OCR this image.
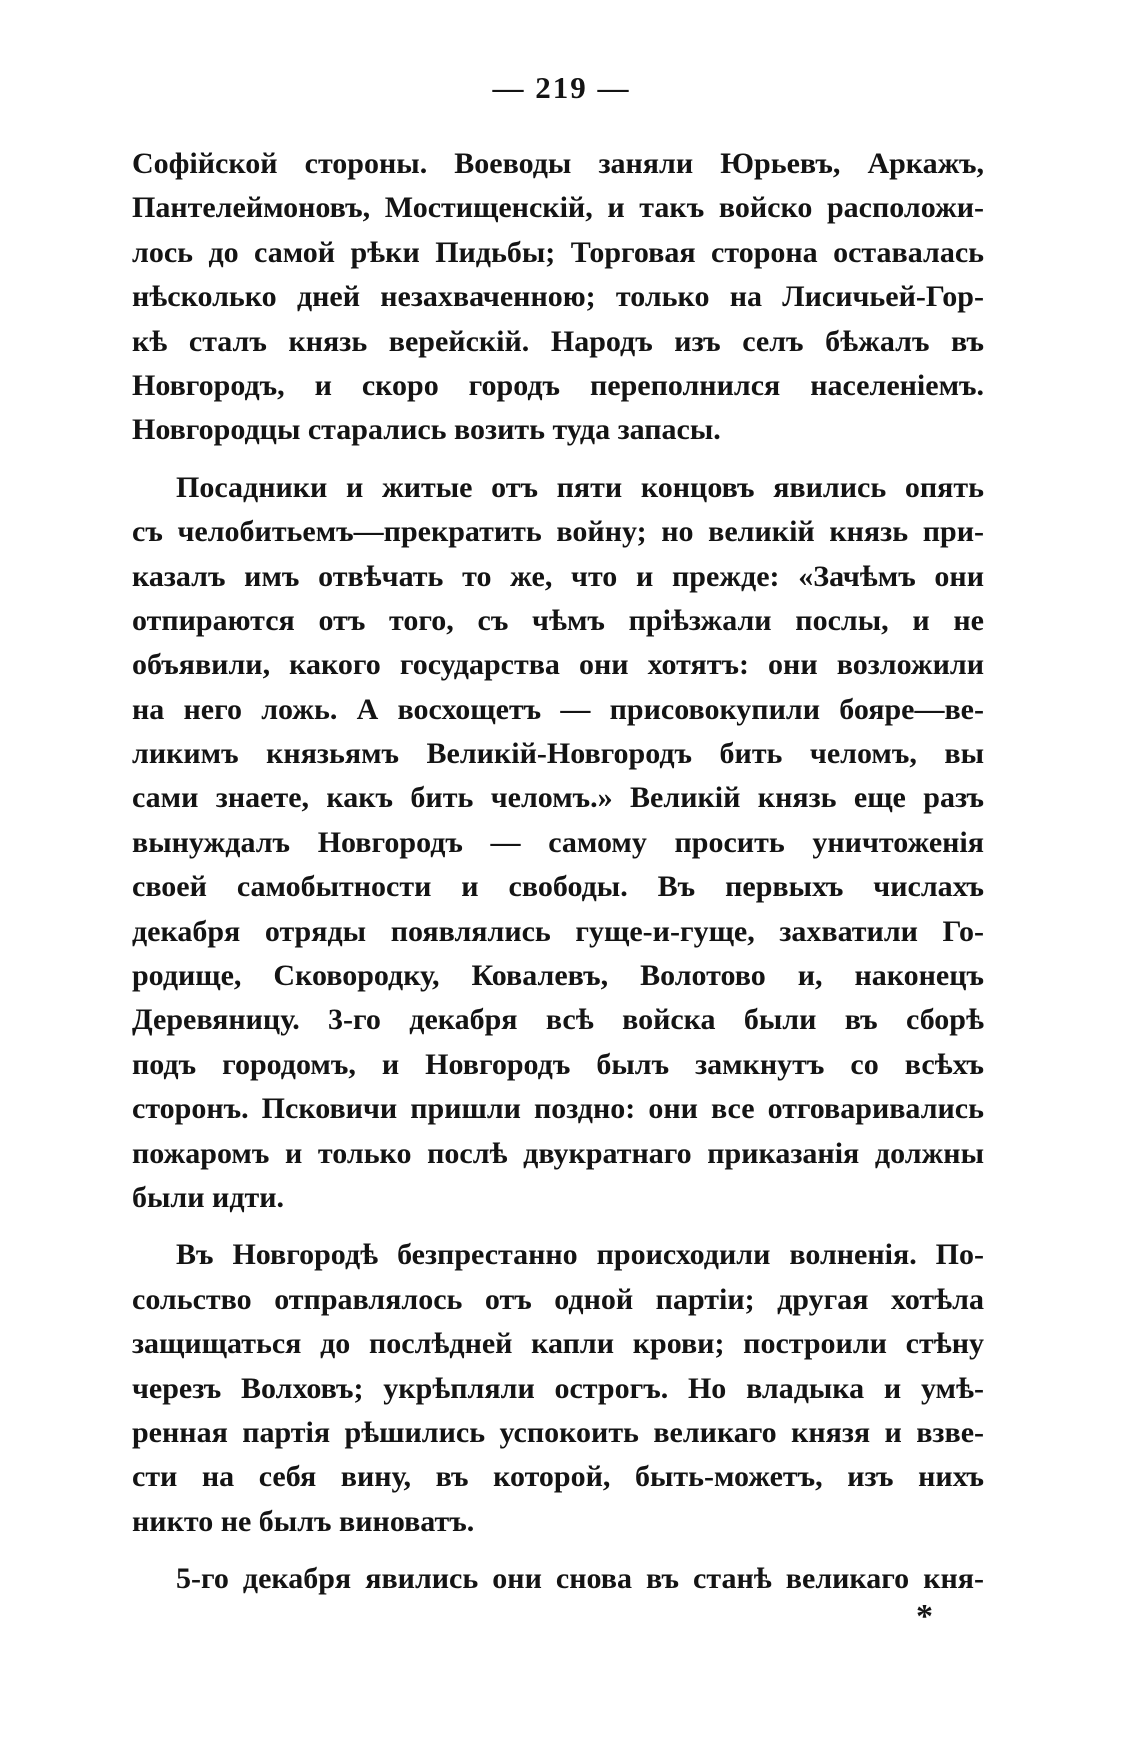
— 219 —
Софійской стороны. Воеводы заняли Юрьевъ, Аркажъ,
Пантелеймоновъ, Мостищенскій, и такъ войско расположи-
лось до самой рѣки Пидьбы; Торговая сторона оставалась
нѣсколько дней незахваченною; только на Лисичьей-Гор-
кѣ сталъ князь верейскій. Народъ изъ селъ бѣжалъ въ
Новгородъ, и скоро городъ переполнился населеніемъ.
Новгородцы старались возить туда запасы.
Посадники и житые отъ пяти концовъ явились опять
съ челобитьемъ—прекратить войну; но великій князь при-
казалъ имъ отвѣчать то же, что и прежде: «Зачѣмъ они
отпираются отъ того, съ чѣмъ пріѣзжали послы, и не
объявили, какого государства они хотятъ: они возложили
на него ложь. А восхощетъ — присовокупили бояре—ве-
ликимъ князьямъ Великій-Новгородъ бить челомъ, вы
сами знаете, какъ бить челомъ.» Великій князь еще разъ
вынуждалъ Новгородъ — самому просить уничтоженія
своей самобытности и свободы. Въ первыхъ числахъ
декабря отряды появлялись гуще-и-гуще, захватили Го-
родище, Сковородку, Ковалевъ, Волотово и, наконецъ
Деревяницу. 3-го декабря всѣ войска были въ сборѣ
подъ городомъ, и Новгородъ былъ замкнутъ со всѣхъ
сторонъ. Псковичи пришли поздно: они все отговаривались
пожаромъ и только послѣ двукратнаго приказанія должны
были идти.
Въ Новгородѣ безпрестанно происходили волненія. По-
сольство отправлялось отъ одной партіи; другая хотѣла
защищаться до послѣдней капли крови; построили стѣну
черезъ Волховъ; укрѣпляли острогъ. Но владыка и умѣ-
ренная партія рѣшились успокоить великаго князя и взве-
сти на себя вину, въ которой, быть-можетъ, изъ нихъ
никто не былъ виноватъ.
5-го декабря явились они снова въ станѣ великаго кня-
*
